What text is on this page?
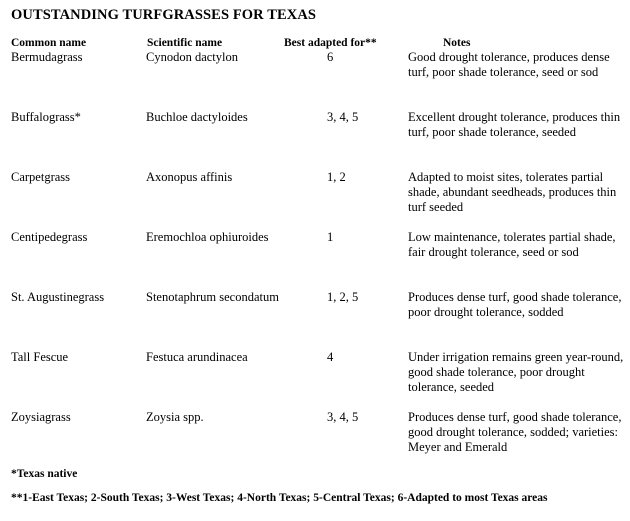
OUTSTANDING TURFGRASSES FOR TEXAS
Common name	Scientific name	Best adapted for**	Notes
Bermudagrass	Cynodon dactylon	6	Good drought tolerance, produces dense turf, poor shade tolerance, seed or sod
Buffalograss*	Buchloe dactyloides	3, 4, 5	Excellent drought tolerance, produces thin turf, poor shade tolerance, seeded
Carpetgrass	Axonopus affinis	1, 2	Adapted to moist sites, tolerates partial shade, abundant seedheads, produces thin turf seeded
Centipedegrass	Eremochloa ophiuroides	1	Low maintenance, tolerates partial shade, fair drought tolerance, seed or sod
St. Augustinegrass	Stenotaphrum secondatum	1, 2, 5	Produces dense turf, good shade tolerance, poor drought tolerance, sodded
Tall Fescue	Festuca arundinacea	4	Under irrigation remains green year-round, good shade tolerance, poor drought tolerance, seeded
Zoysiagrass	Zoysia spp.	3, 4, 5	Produces dense turf, good shade tolerance, good drought tolerance, sodded; varieties: Meyer and Emerald
*Texas native
**1-East Texas; 2-South Texas; 3-West Texas; 4-North Texas; 5-Central Texas; 6-Adapted to most Texas areas
